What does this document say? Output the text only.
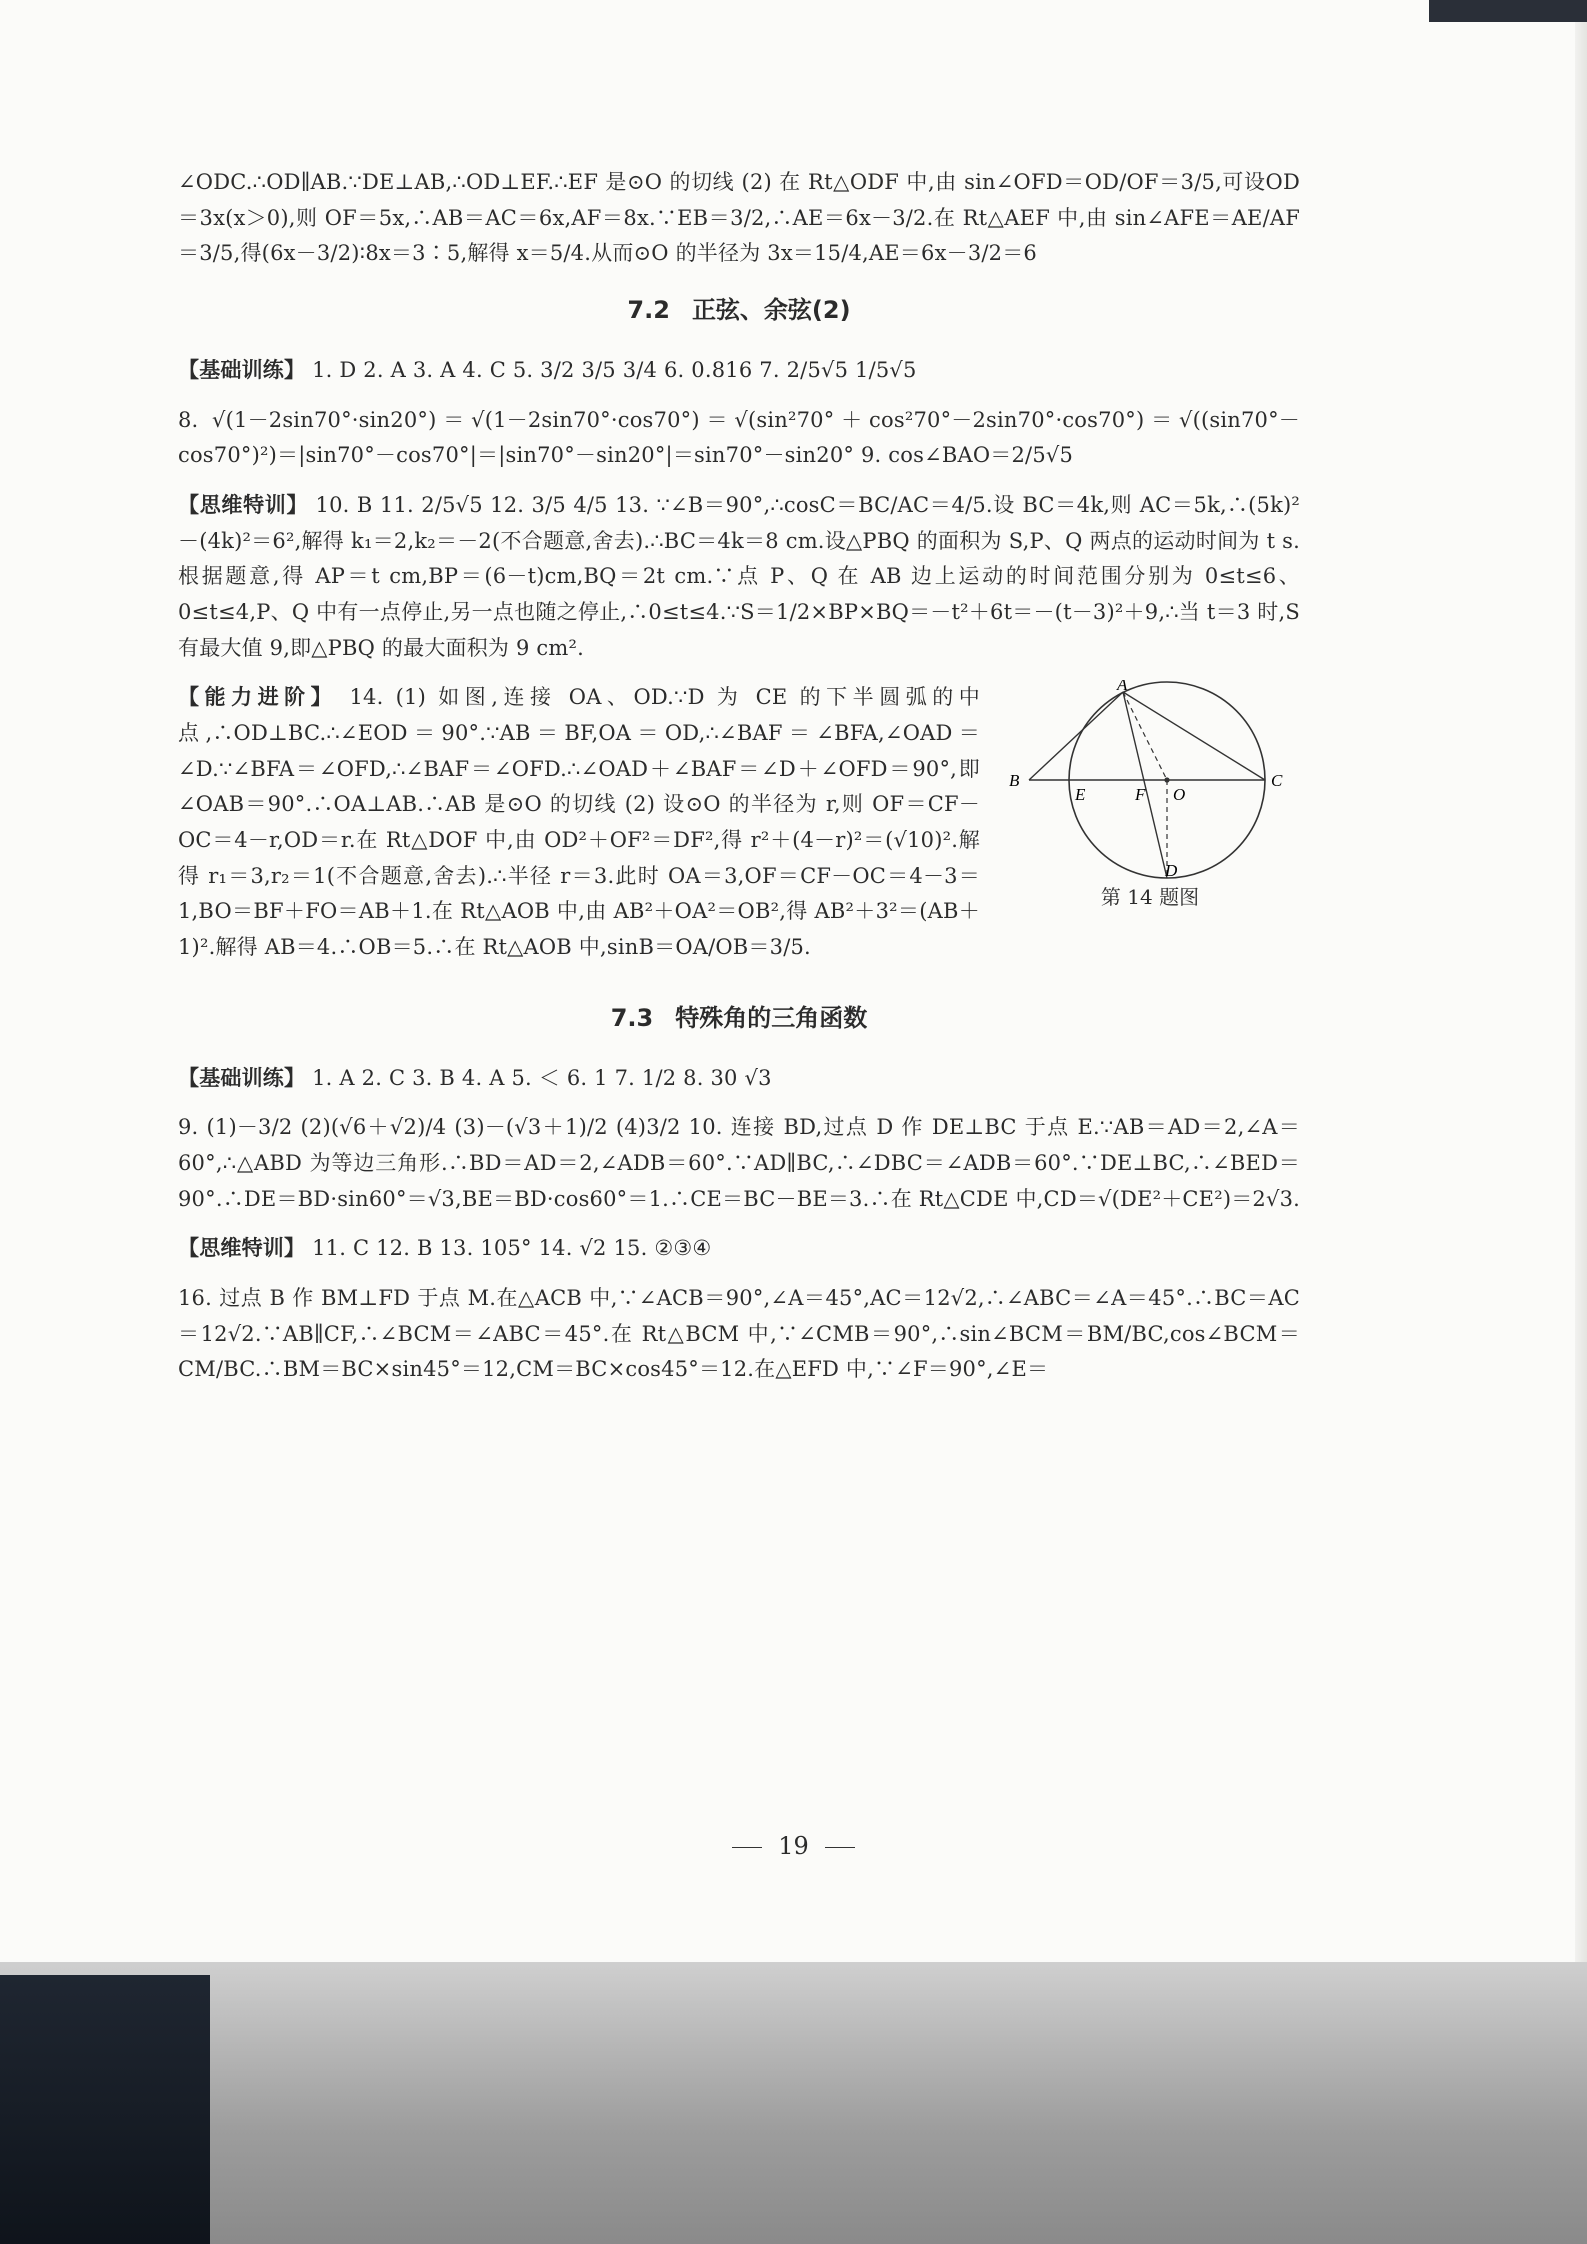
∠ODC.∴OD∥AB.∵DE⊥AB,∴OD⊥EF.∴EF 是⊙O 的切线 (2) 在 Rt△ODF 中,由 sin∠OFD＝OD/OF＝3/5,可设OD＝3x(x＞0),则 OF＝5x,∴AB＝AC＝6x,AF＝8x.∵EB＝3/2,∴AE＝6x－3/2.在 Rt△AEF 中,由 sin∠AFE＝AE/AF＝3/5,得(6x－3/2)∶8x＝3∶5,解得 x＝5/4.从而⊙O 的半径为 3x＝15/4,AE＝6x－3/2＝6

7.2 正弦、余弦(2)

【基础训练】 1. D 2. A 3. A 4. C 5. 3/2 3/5 3/4 6. 0.816 7. 2/5√5 1/5√5

8. √(1－2sin70°·sin20°)＝√(1－2sin70°·cos70°)＝√(sin²70°＋cos²70°－2sin70°·cos70°)＝√((sin70°－cos70°)²)＝|sin70°－cos70°|＝|sin70°－sin20°|＝sin70°－sin20° 9. cos∠BAO＝2/5√5

【思维特训】 10. B 11. 2/5√5 12. 3/5 4/5 13. ∵∠B＝90°,∴cosC＝BC/AC＝4/5.设 BC＝4k,则 AC＝5k,∴(5k)²－(4k)²＝6²,解得 k₁＝2,k₂＝－2(不合题意,舍去).∴BC＝4k＝8 cm.设△PBQ 的面积为 S,P、Q 两点的运动时间为 t s.根据题意,得 AP＝t cm,BP＝(6－t)cm,BQ＝2t cm.∵点 P、Q 在 AB 边上运动的时间范围分别为 0≤t≤6、0≤t≤4,P、Q 中有一点停止,另一点也随之停止,∴0≤t≤4.∵S＝1/2×BP×BQ＝－t²＋6t＝－(t－3)²＋9,∴当 t＝3 时,S 有最大值 9,即△PBQ 的最大面积为 9 cm².

A
B	C
E	F O
D
第 14 题图

【能力进阶】 14. (1) 如图,连接 OA、OD.∵D 为 CE 的下半圆弧的中点,∴OD⊥BC.∴∠EOD＝90°.∵AB＝BF,OA＝OD,∴∠BAF＝∠BFA,∠OAD＝∠D.∵∠BFA＝∠OFD,∴∠BAF＝∠OFD.∴∠OAD＋∠BAF＝∠D＋∠OFD＝90°,即∠OAB＝90°.∴OA⊥AB.∴AB 是⊙O 的切线 (2) 设⊙O 的半径为 r,则 OF＝CF－OC＝4－r,OD＝r.在 Rt△DOF 中,由 OD²＋OF²＝DF²,得 r²＋(4－r)²＝(√10)².解得 r₁＝3,r₂＝1(不合题意,舍去).∴半径 r＝3.此时 OA＝3,OF＝CF－OC＝4－3＝1,BO＝BF＋FO＝AB＋1.在 Rt△AOB 中,由 AB²＋OA²＝OB²,得 AB²＋3²＝(AB＋1)².解得 AB＝4.∴OB＝5.∴在 Rt△AOB 中,sinB＝OA/OB＝3/5.

7.3 特殊角的三角函数

【基础训练】 1. A 2. C 3. B 4. A 5. ＜ 6. 1 7. 1/2 8. 30 √3

9. (1)－3/2 (2)(√6＋√2)/4 (3)－(√3＋1)/2 (4)3/2 10. 连接 BD,过点 D 作 DE⊥BC 于点 E.∵AB＝AD＝2,∠A＝60°,∴△ABD 为等边三角形.∴BD＝AD＝2,∠ADB＝60°.∵AD∥BC,∴∠DBC＝∠ADB＝60°.∵DE⊥BC,∴∠BED＝90°.∴DE＝BD·sin60°＝√3,BE＝BD·cos60°＝1.∴CE＝BC－BE＝3.∴在 Rt△CDE 中,CD＝√(DE²＋CE²)＝2√3.

【思维特训】 11. C 12. B 13. 105° 14. √2 15. ②③④

16. 过点 B 作 BM⊥FD 于点 M.在△ACB 中,∵∠ACB＝90°,∠A＝45°,AC＝12√2,∴∠ABC＝∠A＝45°.∴BC＝AC＝12√2.∵AB∥CF,∴∠BCM＝∠ABC＝45°.在 Rt△BCM 中,∵∠CMB＝90°,∴sin∠BCM＝BM/BC,cos∠BCM＝CM/BC.∴BM＝BC×sin45°＝12,CM＝BC×cos45°＝12.在△EFD 中,∵∠F＝90°,∠E＝

19
